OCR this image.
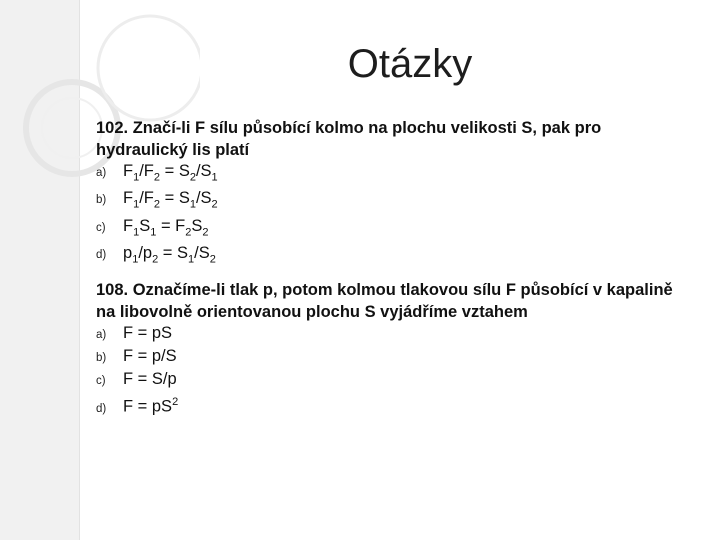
Otázky

102. Značí-li F sílu působící kolmo na plochu velikosti S, pak pro hydraulický lis platí

a)	$F_1/F_2 = S_2/S_1$
b)	$F_1/F_2 = S_1/S_2$
c)	$F_1S_1 = F_2S_2$
d)	$p_1/p_2 = S_1/S_2$

108. Označíme-li tlak p, potom kolmou tlakovou sílu F působící v kapalině na libovolně orientovanou plochu S vyjádříme vztahem

a)	F = pS
b)	F = p/S
c)	F = S/p
d)	$F = pS^2$
